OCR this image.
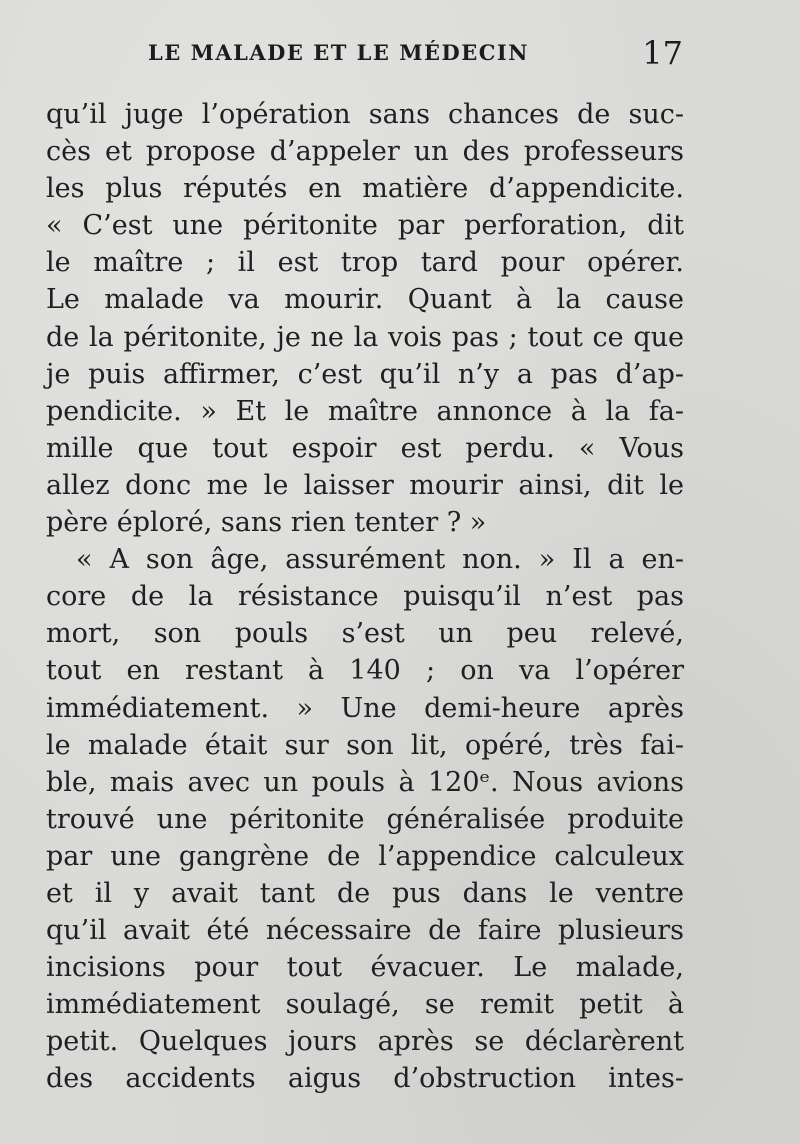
LE MALADE ET LE MÉDECIN	17
qu’il juge l’opération sans chances de suc-
cès et propose d’appeler un des professeurs
les plus réputés en matière d’appendicite.
« C’est une péritonite par perforation, dit
le maître ; il est trop tard pour opérer.
Le malade va mourir. Quant à la cause
de la péritonite, je ne la vois pas ; tout ce que
je puis affirmer, c’est qu’il n’y a pas d’ap-
pendicite. » Et le maître annonce à la fa-
mille que tout espoir est perdu. « Vous
allez donc me le laisser mourir ainsi, dit le
père éploré, sans rien tenter ? »
« A son âge, assurément non. » Il a en-
core de la résistance puisqu’il n’est pas
mort, son pouls s’est un peu relevé,
tout en restant à 140 ; on va l’opérer
immédiatement. » Une demi-heure après
le malade était sur son lit, opéré, très fai-
ble, mais avec un pouls à 120ᵉ. Nous avions
trouvé une péritonite généralisée produite
par une gangrène de l’appendice calculeux
et il y avait tant de pus dans le ventre
qu’il avait été nécessaire de faire plusieurs
incisions pour tout évacuer. Le malade,
immédiatement soulagé, se remit petit à
petit. Quelques jours après se déclarèrent
des accidents aigus d’obstruction intes-
